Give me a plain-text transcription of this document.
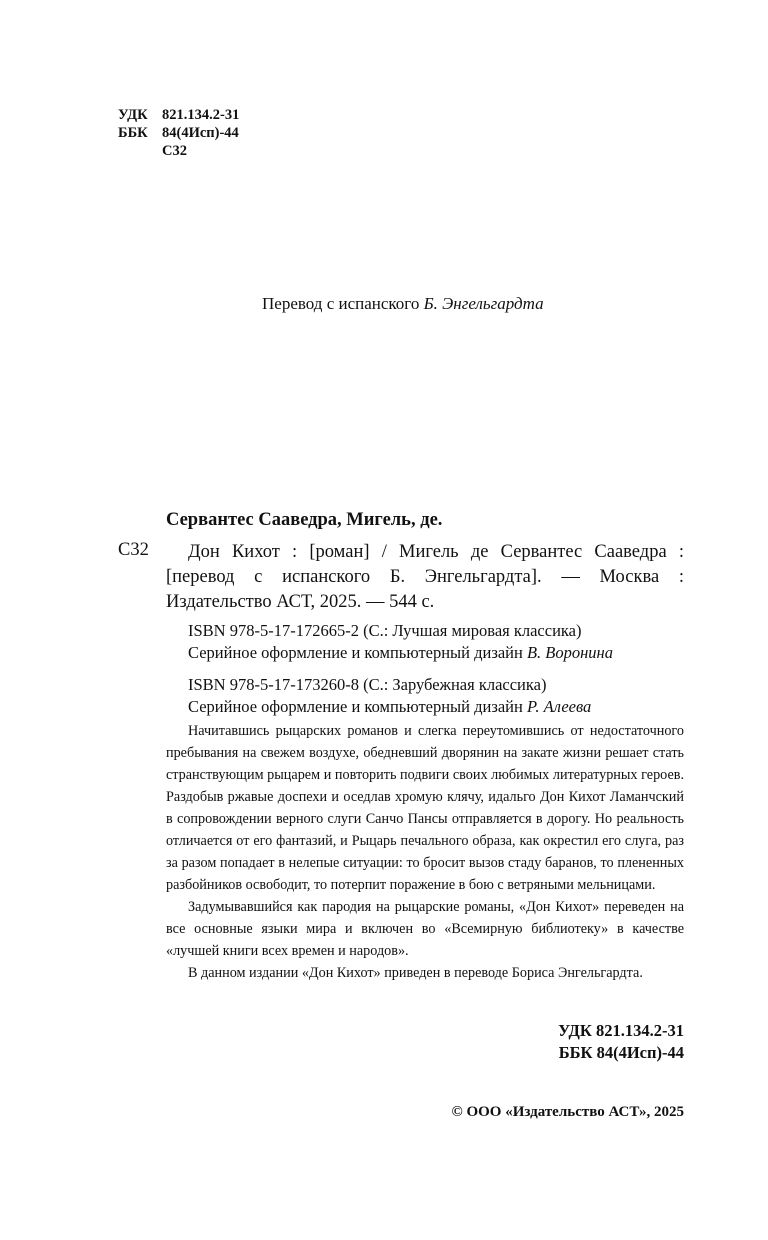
УДК 821.134.2-31
ББК 84(4Исп)-44
С32
Перевод с испанского Б. Энгельгардта
Сервантес Сааведра, Мигель, де.
С32	Дон Кихот : [роман] / Мигель де Сервантес Сааведра : [перевод с испанского Б. Энгельгардта]. — Москва : Издательство АСТ, 2025. — 544 с.
ISBN 978-5-17-172665-2 (С.: Лучшая мировая классика)
Серийное оформление и компьютерный дизайн В. Воронина
ISBN 978-5-17-173260-8 (С.: Зарубежная классика)
Серийное оформление и компьютерный дизайн Р. Алеева

Начитавшись рыцарских романов и слегка переутомившись от недостаточного пребывания на свежем воздухе, обедневший дворянин на закате жизни решает стать странствующим рыцарем и повторить подвиги своих любимых литературных героев. Раздобыв ржавые доспехи и оседлав хромую клячу, идальго Дон Кихот Ламанчский в сопровождении верного слуги Санчо Пансы отправляется в дорогу. Но реальность отличается от его фантазий, и Рыцарь печального образа, как окрестил его слуга, раз за разом попадает в нелепые ситуации: то бросит вызов стаду баранов, то плененных разбойников освободит, то потерпит поражение в бою с ветряными мельницами.

Задумывавшийся как пародия на рыцарские романы, «Дон Кихот» переведен на все основные языки мира и включен во «Всемирную библиотеку» в качестве «лучшей книги всех времен и народов».

В данном издании «Дон Кихот» приведен в переводе Бориса Энгельгардта.

УДК 821.134.2-31
ББК 84(4Исп)-44
© ООО «Издательство АСТ», 2025
